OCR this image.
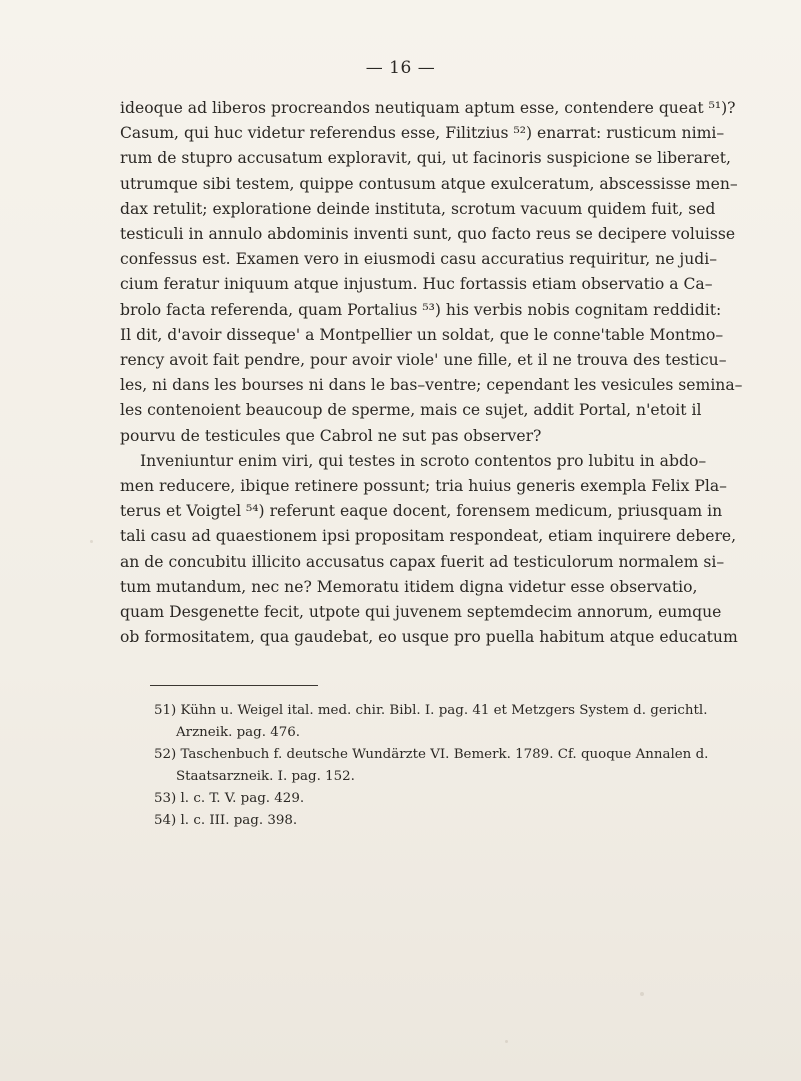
— 16 —
ideoque ad liberos procreandos neutiquam aptum esse, contendere queat ⁵¹)?
Casum, qui huc videtur referendus esse, Filitzius ⁵²) enarrat: rusticum nimi–
rum de stupro accusatum exploravit, qui, ut facinoris suspicione se liberaret,
utrumque sibi testem, quippe contusum atque exulceratum, abscessisse men–
dax retulit; exploratione deinde instituta, scrotum vacuum quidem fuit, sed
testiculi in annulo abdominis inventi sunt, quo facto reus se decipere voluisse
confessus est. Examen vero in eiusmodi casu accuratius requiritur, ne judi–
cium feratur iniquum atque injustum. Huc fortassis etiam observatio a Ca–
brolo facta referenda, quam Portalius ⁵³) his verbis nobis cognitam reddidit:
Il dit, d'avoir disseque' a Montpellier un soldat, que le conne'table Montmo–
rency avoit fait pendre, pour avoir viole' une fille, et il ne trouva des testicu–
les, ni dans les bourses ni dans le bas–ventre; cependant les vesicules semina–
les contenoient beaucoup de sperme, mais ce sujet, addit Portal, n'etoit il
pourvu de testicules que Cabrol ne sut pas observer?
Inveniuntur enim viri, qui testes in scroto contentos pro lubitu in abdo–
men reducere, ibique retinere possunt; tria huius generis exempla Felix Pla–
terus et Voigtel ⁵⁴) referunt eaque docent, forensem medicum, priusquam in
tali casu ad quaestionem ipsi propositam respondeat, etiam inquirere debere,
an de concubitu illicito accusatus capax fuerit ad testiculorum normalem si–
tum mutandum, nec ne? Memoratu itidem digna videtur esse observatio,
quam Desgenette fecit, utpote qui juvenem septemdecim annorum, eumque
ob formositatem, qua gaudebat, eo usque pro puella habitum atque educatum
51) Kühn u. Weigel ital. med. chir. Bibl. I. pag. 41 et Metzgers System d. gerichtl.
Arzneik. pag. 476.
52) Taschenbuch f. deutsche Wundärzte VI. Bemerk. 1789. Cf. quoque Annalen d.
Staatsarzneik. I. pag. 152.
53) l. c. T. V. pag. 429.
54) l. c. III. pag. 398.
